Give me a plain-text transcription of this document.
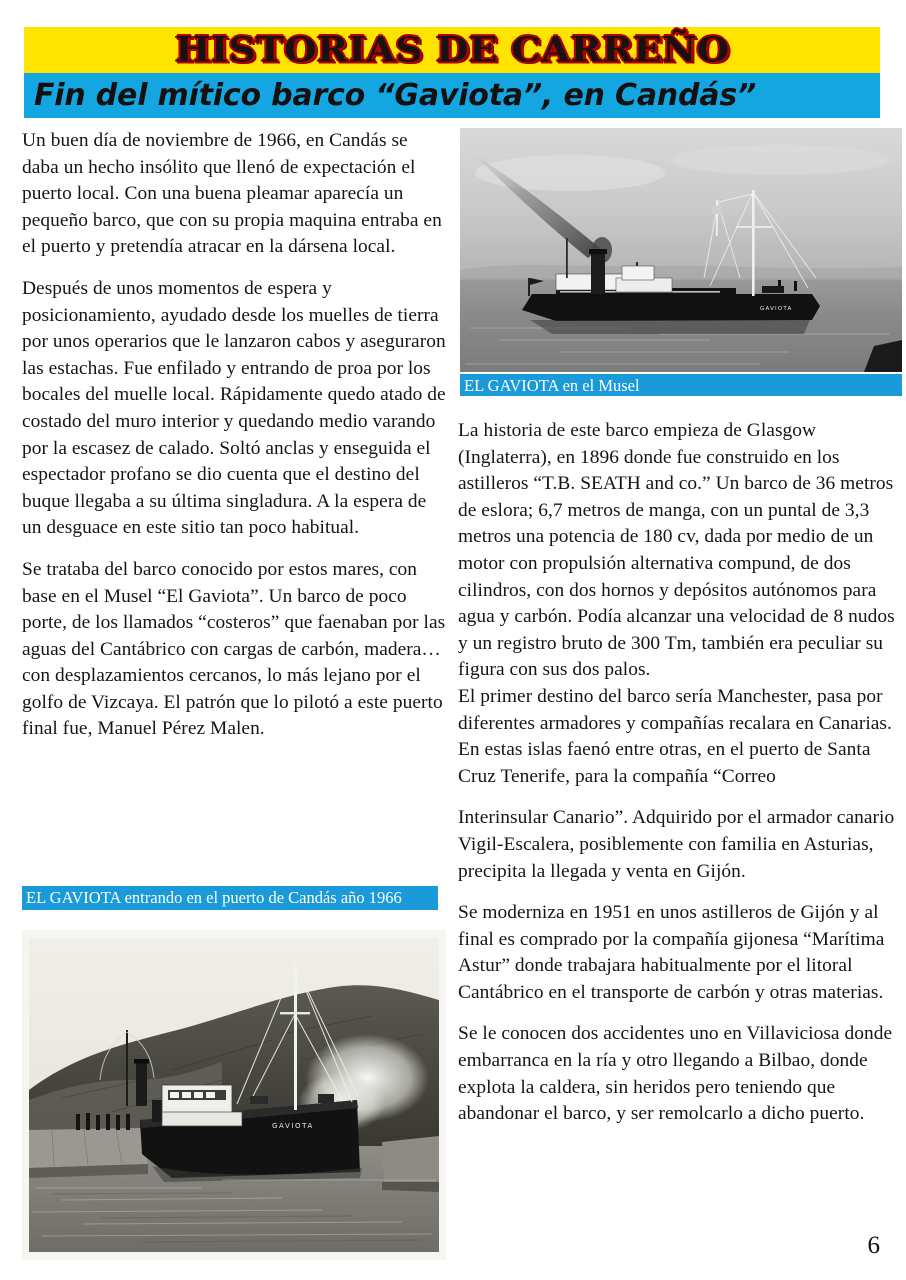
HISTORIAS DE CARREÑO
Fin del mítico barco “Gaviota”, en Candás”

Un buen día de noviembre de 1966, en Candás se daba un hecho insólito que llenó de expectación el puerto local. Con una buena pleamar aparecía un pequeño barco, que con su propia maquina entraba en el puerto y pretendía atracar en la dársena local.

Después de unos momentos de espera y posicionamiento, ayudado desde los muelles de tierra por unos operarios que le lanzaron cabos y aseguraron las estachas. Fue enfilado y entrando de proa por los bocales del muelle local. Rápidamente quedo atado de costado del muro interior y quedando medio varando por la escasez de calado. Soltó anclas y enseguida el espectador profano se dio cuenta que el destino del buque llegaba a su última singladura. A la espera de un desguace en este sitio tan poco habitual.

Se trataba del barco conocido por estos mares, con base en el Musel “El Gaviota”. Un barco de poco porte, de los llamados “costeros” que faenaban por las aguas del Cantábrico con cargas de carbón, madera… con desplazamientos cercanos, lo más lejano por el golfo de Vizcaya. El patrón que lo pilotó a este puerto final fue, Manuel Pérez Malen.

La historia de este barco empieza de Glasgow (Inglaterra), en 1896 donde fue construido en los astilleros “T.B. SEATH and co.” Un barco de 36 metros de eslora; 6,7 metros de manga, con un puntal de 3,3 metros una potencia de 180 cv, dada por medio de un motor con propulsión alternativa compund, de dos cilindros, con dos hornos y depósitos autónomos para agua y carbón. Podía alcanzar una velocidad de 8 nudos y un registro bruto de 300 Tm, también era peculiar su figura con sus dos palos.

El primer destino del barco sería Manchester, pasa por diferentes armadores y compañías recalara en Canarias. En estas islas faenó entre otras, en el puerto de Santa Cruz Tenerife, para la compañía “Correo

Interinsular Canario”. Adquirido por el armador canario Vigil-Escalera, posiblemente con familia en Asturias, precipita la llegada y venta en Gijón.

Se moderniza en 1951 en unos astilleros de Gijón y al final es comprado por la compañía gijonesa “Marítima Astur” donde trabajara habitualmente por el litoral Cantábrico en el transporte de carbón y otras materias.

Se le conocen dos accidentes uno en Villaviciosa donde embarranca en la ría y otro llegando a Bilbao, donde explota la caldera, sin heridos pero teniendo que abandonar el barco, y ser remolcarlo a dicho puerto.

GAVIOTA
EL GAVIOTA en el Musel
EL GAVIOTA entrando en el puerto de Candás año 1966
GAVIOTA
6
